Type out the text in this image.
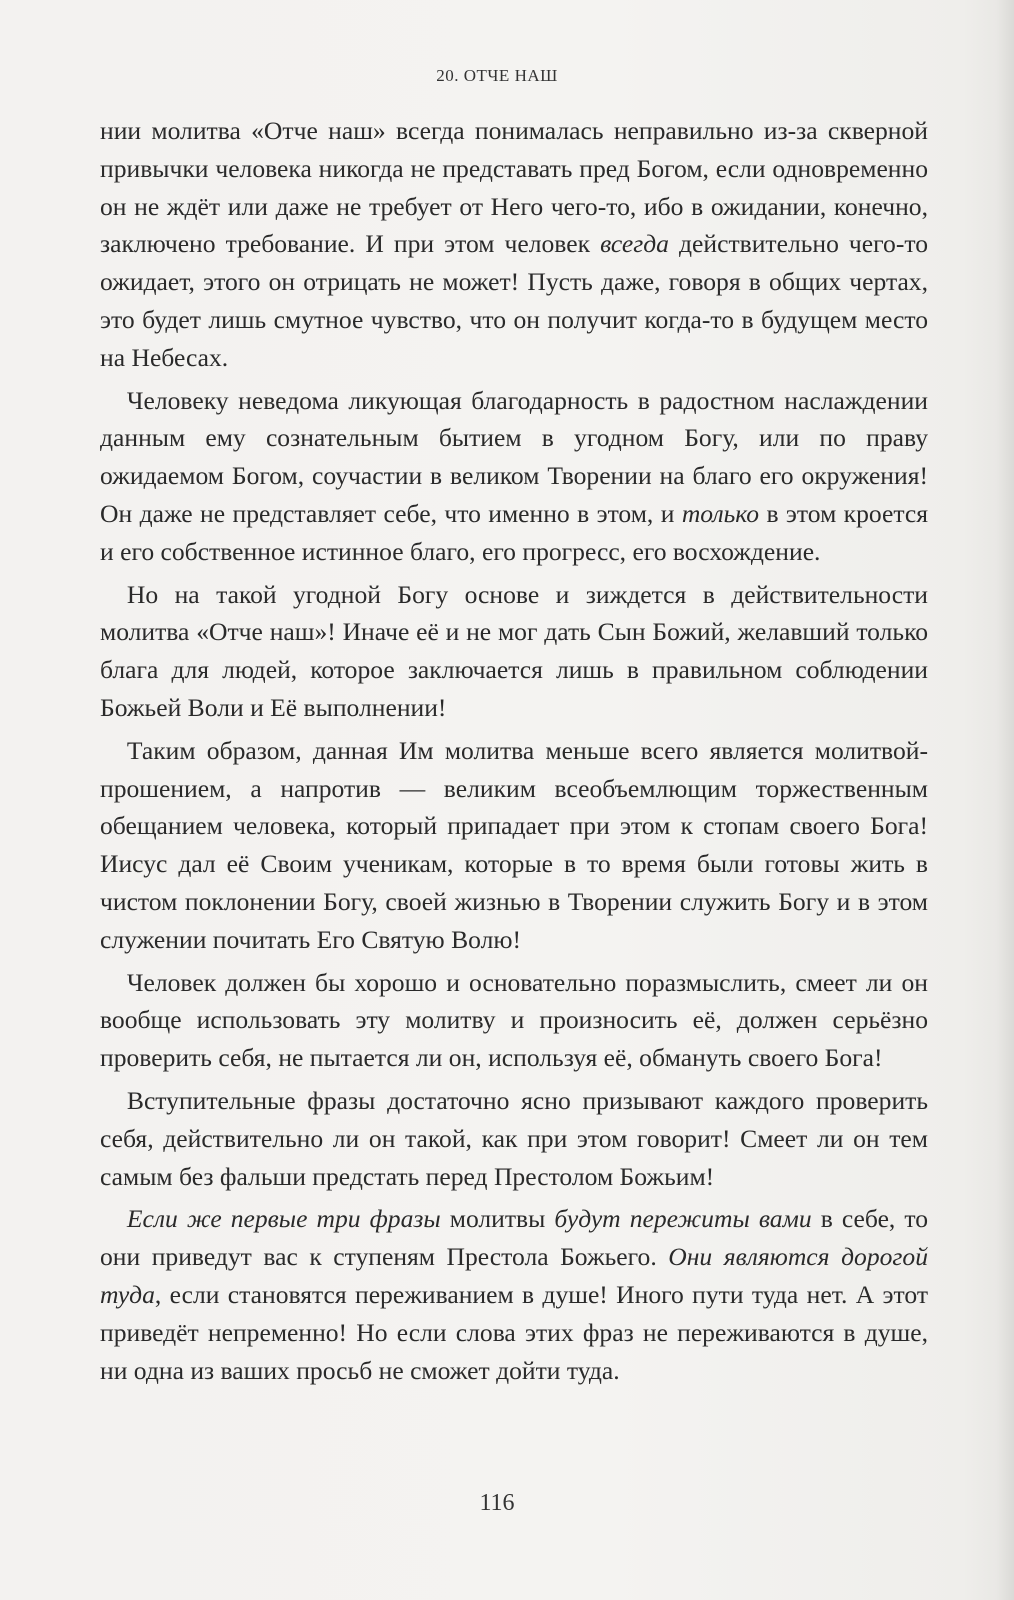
20. ОТЧЕ НАШ

нии молитва «Отче наш» всегда понималась неправильно из-за скверной привычки человека никогда не представать пред Богом, если одновременно он не ждёт или даже не требует от Него чего-то, ибо в ожидании, конечно, заключено требование. И при этом человек всегда действительно чего-то ожидает, этого он отрицать не может! Пусть даже, говоря в общих чертах, это будет лишь смутное чувство, что он получит когда-то в будущем место на Небесах.

Человеку неведома ликующая благодарность в радостном наслаждении данным ему сознательным бытием в угодном Богу, или по праву ожидаемом Богом, соучастии в великом Творении на благо его окружения! Он даже не представляет себе, что именно в этом, и только в этом кроется и его собственное истинное благо, его прогресс, его восхождение.

Но на такой угодной Богу основе и зиждется в действительности молитва «Отче наш»! Иначе её и не мог дать Сын Божий, желавший только блага для людей, которое заключается лишь в правильном соблюдении Божьей Воли и Её выполнении!

Таким образом, данная Им молитва меньше всего является молитвой-прошением, а напротив — великим всеобъемлющим торжественным обещанием человека, который припадает при этом к стопам своего Бога! Иисус дал её Своим ученикам, которые в то время были готовы жить в чистом поклонении Богу, своей жизнью в Творении служить Богу и в этом служении почитать Его Святую Волю!

Человек должен бы хорошо и основательно поразмыслить, смеет ли он вообще использовать эту молитву и произносить её, должен серьёзно проверить себя, не пытается ли он, используя её, обмануть своего Бога!

Вступительные фразы достаточно ясно призывают каждого проверить себя, действительно ли он такой, как при этом говорит! Смеет ли он тем самым без фальши предстать перед Престолом Божьим!

Если же первые три фразы молитвы будут пережиты вами в себе, то они приведут вас к ступеням Престола Божьего. Они являются дорогой туда, если становятся переживанием в душе! Иного пути туда нет. А этот приведёт непременно! Но если слова этих фраз не переживаются в душе, ни одна из ваших просьб не сможет дойти туда.

116
